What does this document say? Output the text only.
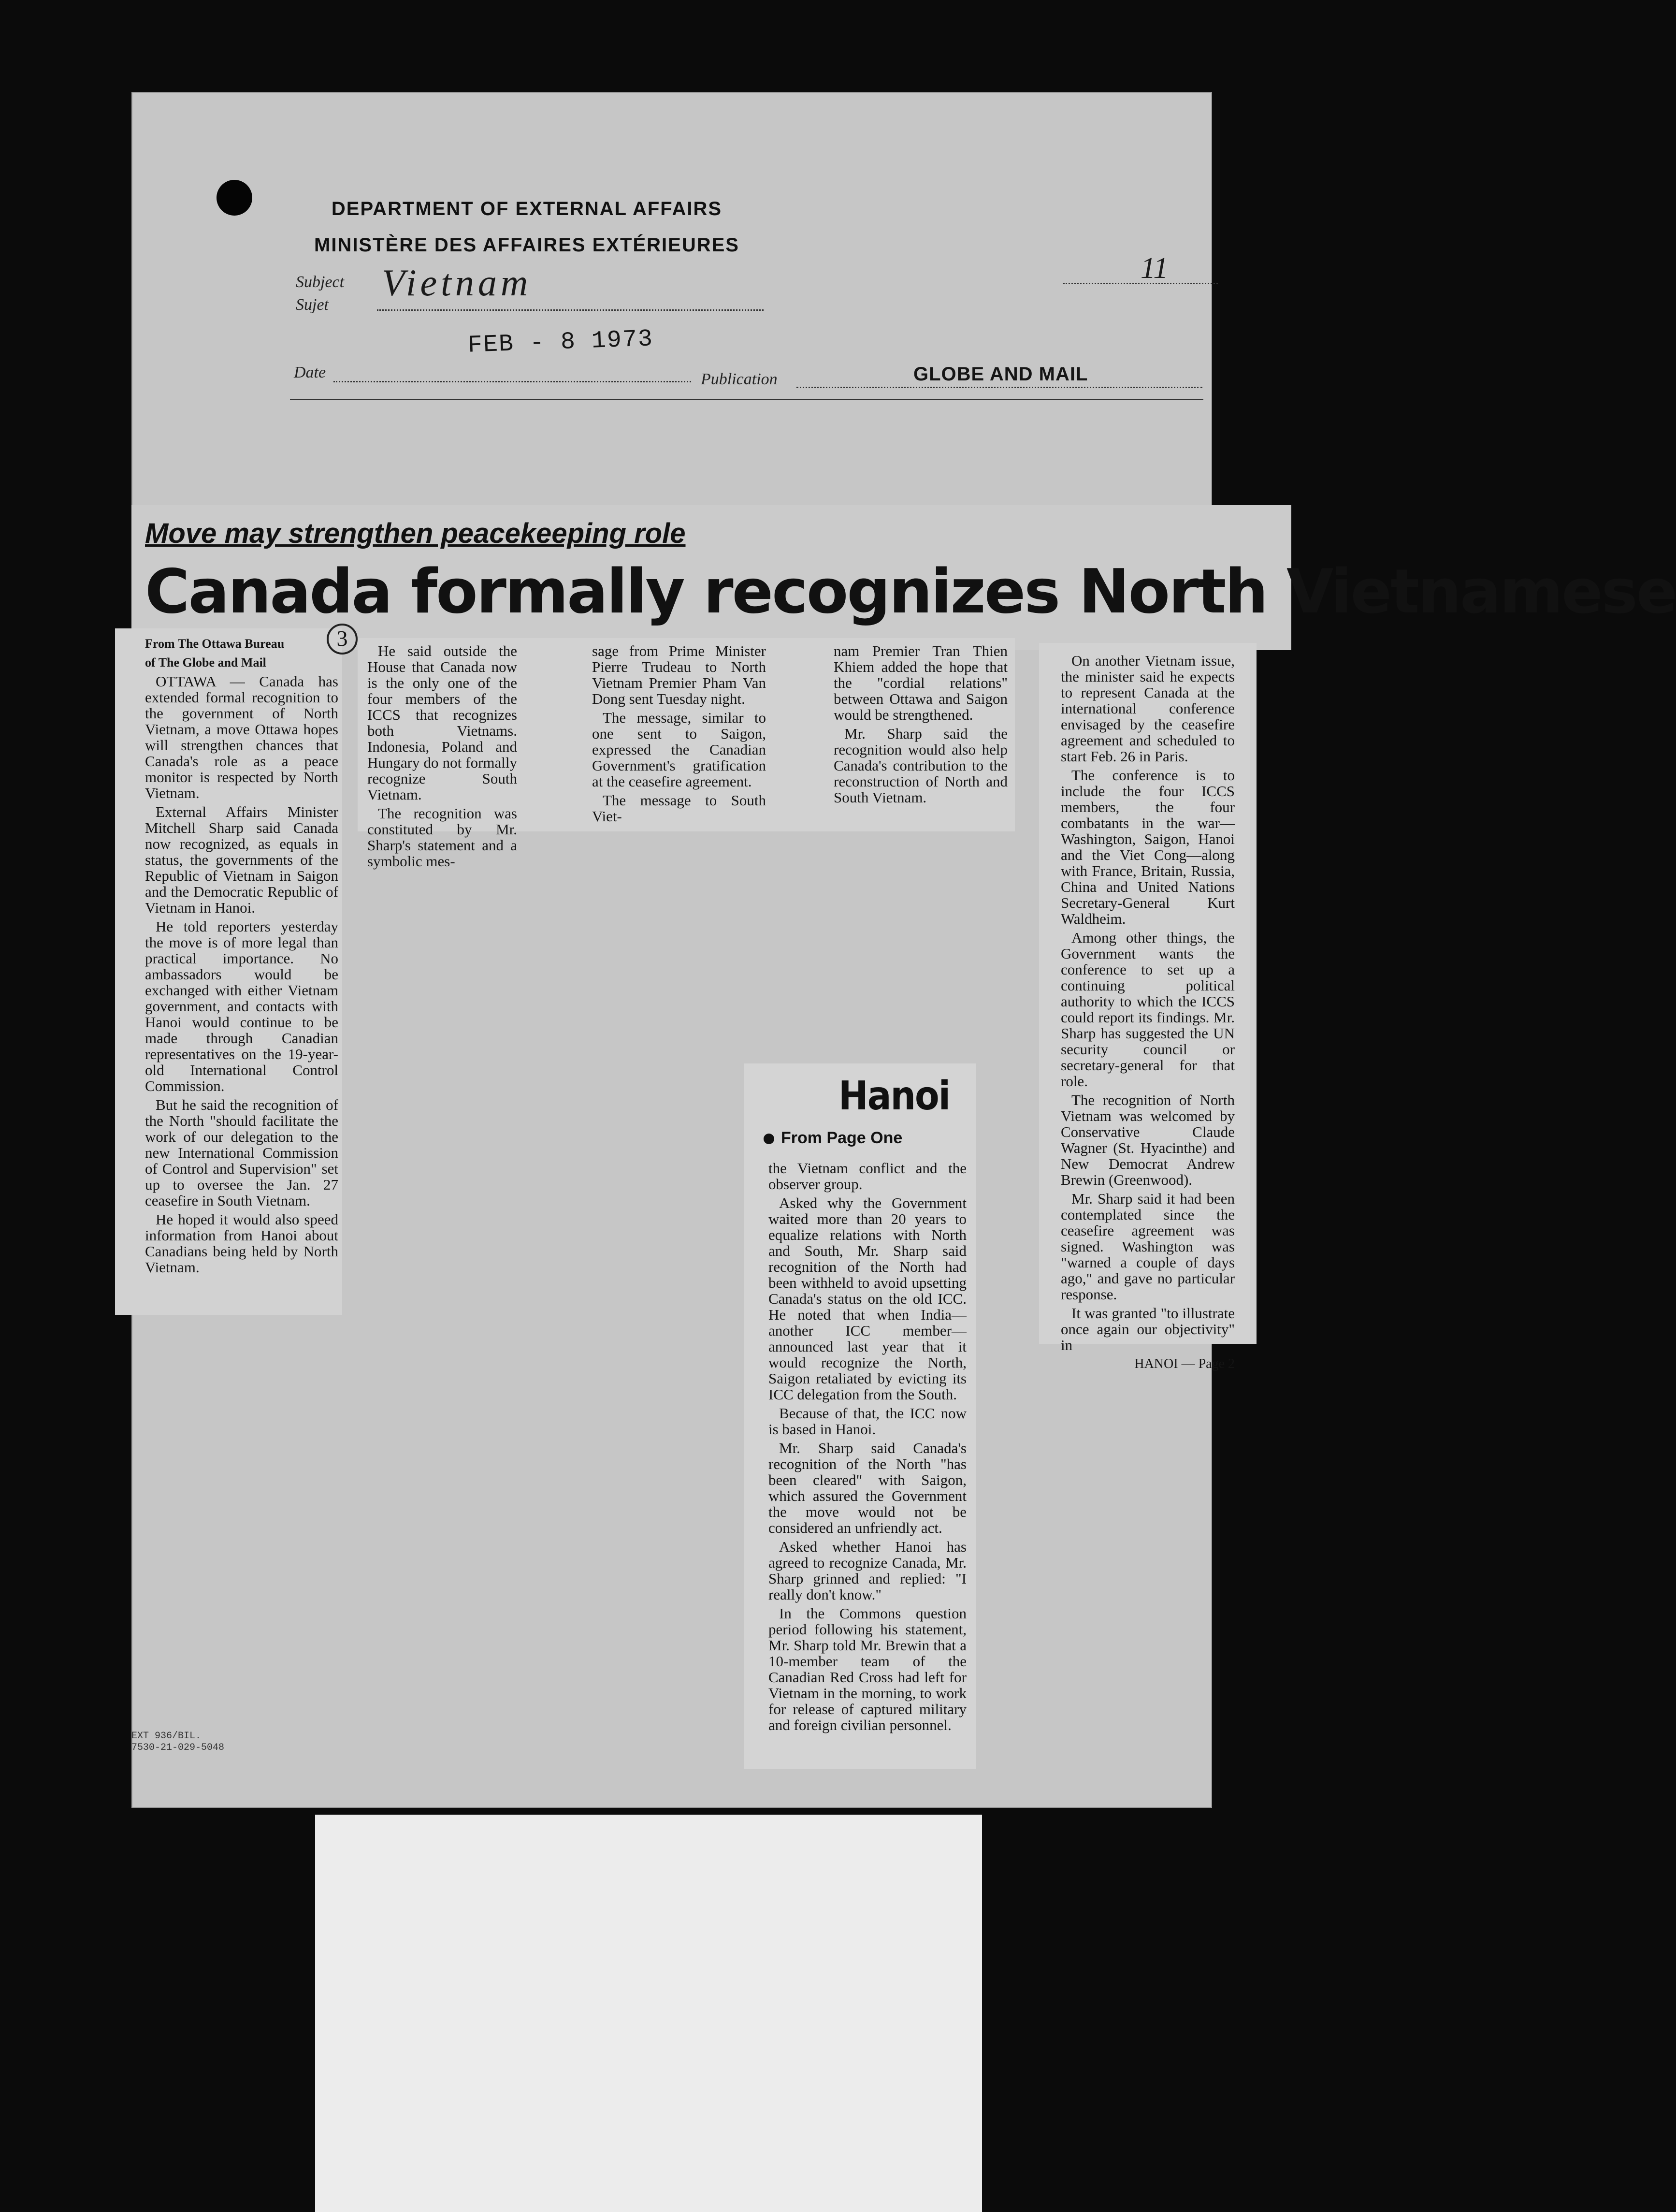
DEPARTMENT OF EXTERNAL AFFAIRS
MINISTÈRE DES AFFAIRES EXTÉRIEURES
Subject
Sujet
Vietnam	11
FEB - 8 1973
Date	Publication	GLOBE AND MAIL
Move may strengthen peacekeeping role
Canada formally recognizes North Vietnamese
3

From The Ottawa Bureau

of The Globe and Mail

OTTAWA — Canada has extended formal recognition to the government of North Vietnam, a move Ottawa hopes will strengthen chances that Canada's role as a peace monitor is respected by North Vietnam.

External Affairs Minister Mitchell Sharp said Canada now recognized, as equals in status, the governments of the Republic of Vietnam in Saigon and the Democratic Republic of Vietnam in Hanoi.

He told reporters yesterday the move is of more legal than practical importance. No ambassadors would be exchanged with either Vietnam government, and contacts with Hanoi would continue to be made through Canadian representatives on the 19-year-old International Control Commission.

But he said the recognition of the North "should facilitate the work of our delegation to the new International Commission of Control and Supervision" set up to oversee the Jan. 27 ceasefire in South Vietnam.

He hoped it would also speed information from Hanoi about Canadians being held by North Vietnam.

He said outside the House that Canada now is the only one of the four members of the ICCS that recognizes both Vietnams. Indonesia, Poland and Hungary do not formally recognize South Vietnam.

The recognition was constituted by Mr. Sharp's statement and a symbolic mes-

sage from Prime Minister Pierre Trudeau to North Vietnam Premier Pham Van Dong sent Tuesday night.

The message, similar to one sent to Saigon, expressed the Canadian Government's gratification at the ceasefire agreement.

The message to South Viet-

nam Premier Tran Thien Khiem added the hope that the "cordial relations" between Ottawa and Saigon would be strengthened.

Mr. Sharp said the recognition would also help Canada's contribution to the reconstruction of North and South Vietnam.

On another Vietnam issue, the minister said he expects to represent Canada at the international conference envisaged by the ceasefire agreement and scheduled to start Feb. 26 in Paris.

The conference is to include the four ICCS members, the four combatants in the war—Washington, Saigon, Hanoi and the Viet Cong—along with France, Britain, Russia, China and United Nations Secretary-General Kurt Waldheim.

Among other things, the Government wants the conference to set up a continuing political authority to which the ICCS could report its findings. Mr. Sharp has suggested the UN security council or secretary-general for that role.

The recognition of North Vietnam was welcomed by Conservative Claude Wagner (St. Hyacinthe) and New Democrat Andrew Brewin (Greenwood).

Mr. Sharp said it had been contemplated since the ceasefire agreement was signed. Washington was "warned a couple of days ago," and gave no particular response.

It was granted "to illustrate once again our objectivity" in

HANOI — Page 2

Hanoi
From Page One

the Vietnam conflict and the observer group.

Asked why the Government waited more than 20 years to equalize relations with North and South, Mr. Sharp said recognition of the North had been withheld to avoid upsetting Canada's status on the old ICC. He noted that when India—another ICC member—announced last year that it would recognize the North, Saigon retaliated by evicting its ICC delegation from the South.

Because of that, the ICC now is based in Hanoi.

Mr. Sharp said Canada's recognition of the North "has been cleared" with Saigon, which assured the Government the move would not be considered an unfriendly act.

Asked whether Hanoi has agreed to recognize Canada, Mr. Sharp grinned and replied: "I really don't know."

In the Commons question period following his statement, Mr. Sharp told Mr. Brewin that a 10-member team of the Canadian Red Cross had left for Vietnam in the morning, to work for release of captured military and foreign civilian personnel.

EXT 936/BIL.
7530-21-029-5048
